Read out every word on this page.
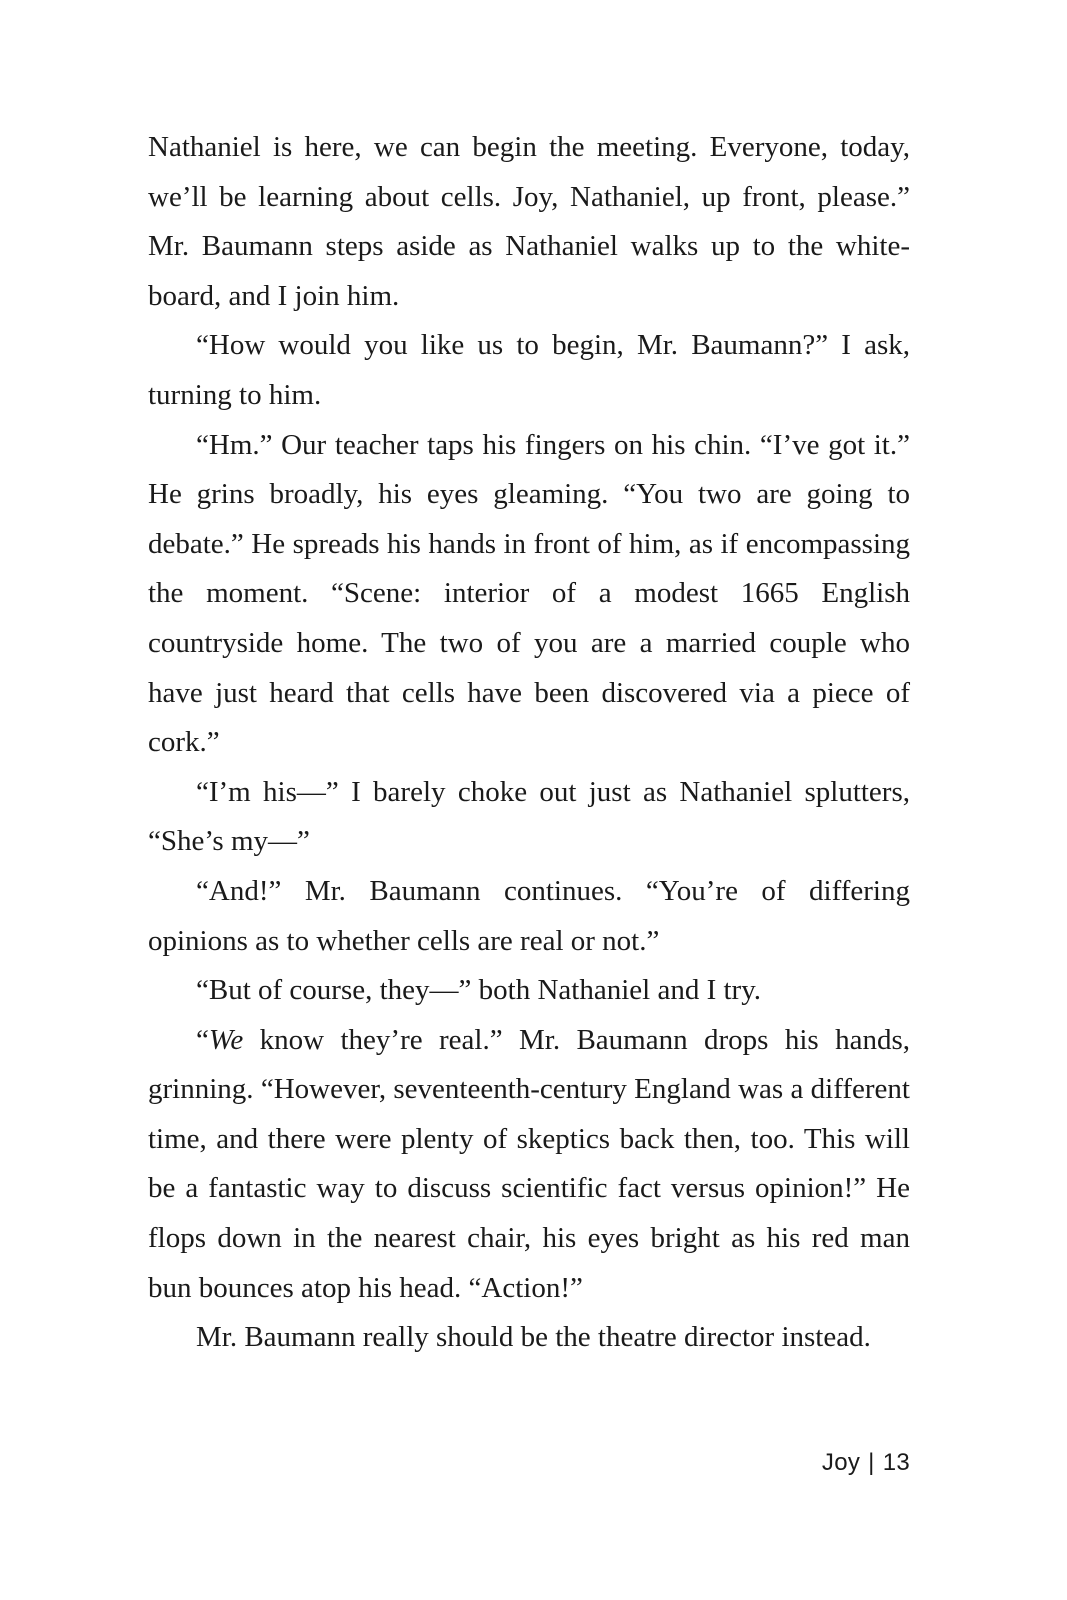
Nathaniel is here, we can begin the meeting. Everyone, today, we’ll be learning about cells. Joy, Nathaniel, up front, please.” Mr. Baumann steps aside as Nathaniel walks up to the whiteboard, and I join him.

“How would you like us to begin, Mr. Baumann?” I ask, turning to him.

“Hm.” Our teacher taps his fingers on his chin. “I’ve got it.” He grins broadly, his eyes gleaming. “You two are going to debate.” He spreads his hands in front of him, as if encompassing the moment. “Scene: interior of a modest 1665 English countryside home. The two of you are a married couple who have just heard that cells have been discovered via a piece of cork.”

“I’m his—” I barely choke out just as Nathaniel splutters, “She’s my—”

“And!” Mr. Baumann continues. “You’re of differing opinions as to whether cells are real or not.”

“But of course, they—” both Nathaniel and I try.

“We know they’re real.” Mr. Baumann drops his hands, grinning. “However, seventeenth-century England was a different time, and there were plenty of skeptics back then, too. This will be a fantastic way to discuss scientific fact versus opinion!” He flops down in the nearest chair, his eyes bright as his red man bun bounces atop his head. “Action!”

Mr. Baumann really should be the theatre director instead.

Joy | 13
